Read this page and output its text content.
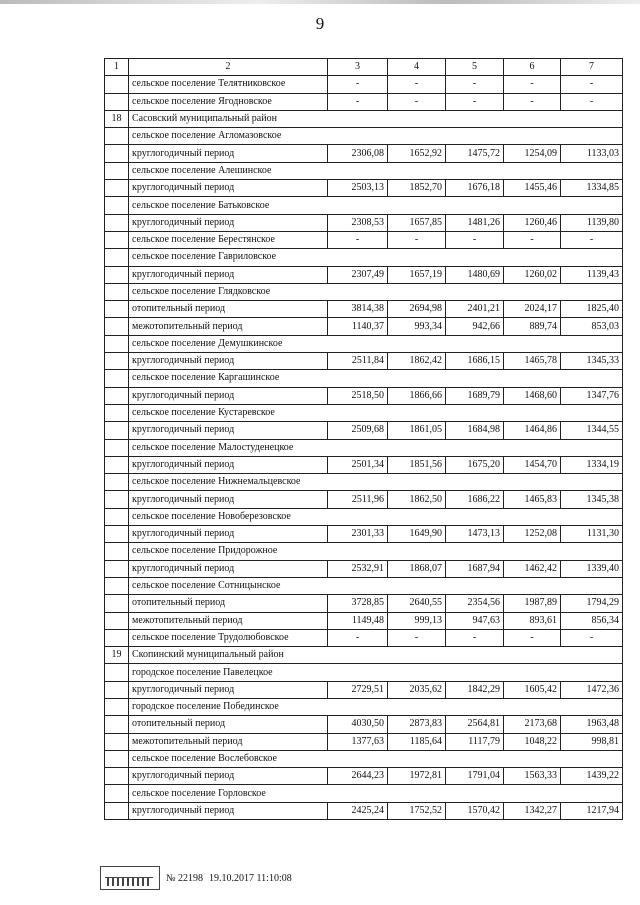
9
1	2	3	4	5	6	7
	сельское поселение Телятниковское	-	-	-	-	-
	сельское поселение Ягодновское	-	-	-	-	-
18	Сасовский муниципальный район					
	сельское поселение Агломазовское					
	круглогодичный период	2306,08	1652,92	1475,72	1254,09	1133,03
	сельское поселение Алешинское					
	круглогодичный период	2503,13	1852,70	1676,18	1455,46	1334,85
	сельское поселение Батьковское					
	круглогодичный период	2308,53	1657,85	1481,26	1260,46	1139,80
	сельское поселение Берестянское	-	-	-	-	-
	сельское поселение Гавриловское					
	круглогодичный период	2307,49	1657,19	1480,69	1260,02	1139,43
	сельское поселение Глядковское					
	отопительный период	3814,38	2694,98	2401,21	2024,17	1825,40
	межотопительный период	1140,37	993,34	942,66	889,74	853,03
	сельское поселение Демушкинское					
	круглогодичный период	2511,84	1862,42	1686,15	1465,78	1345,33
	сельское поселение Каргашинское					
	круглогодичный период	2518,50	1866,66	1689,79	1468,60	1347,76
	сельское поселение Кустаревское					
	круглогодичный период	2509,68	1861,05	1684,98	1464,86	1344,55
	сельское поселение Малостуденецкое					
	круглогодичный период	2501,34	1851,56	1675,20	1454,70	1334,19
	сельское поселение Нижнемальцевское					
	круглогодичный период	2511,96	1862,50	1686,22	1465,83	1345,38
	сельское поселение Новоберезовское					
	круглогодичный период	2301,33	1649,90	1473,13	1252,08	1131,30
	сельское поселение Придорожное					
	круглогодичный период	2532,91	1868,07	1687,94	1462,42	1339,40
	сельское поселение Сотницынское					
	отопительный период	3728,85	2640,55	2354,56	1987,89	1794,29
	межотопительный период	1149,48	999,13	947,63	893,61	856,34
	сельское поселение Трудолюбовское	-	-	-	-	-
19	Скопинский муниципальный район					
	городское поселение Павелецкое					
	круглогодичный период	2729,51	2035,62	1842,29	1605,42	1472,36
	городское поселение Побединское					
	отопительный период	4030,50	2873,83	2564,81	2173,68	1963,48
	межотопительный период	1377,63	1185,64	1117,79	1048,22	998,81
	сельское поселение Вослебовское					
	круглогодичный период	2644,23	1972,81	1791,04	1563,33	1439,22
	сельское поселение Горловское					
	круглогодичный период	2425,24	1752,52	1570,42	1342,27	1217,94
№ 22198 19.10.2017 11:10:08
